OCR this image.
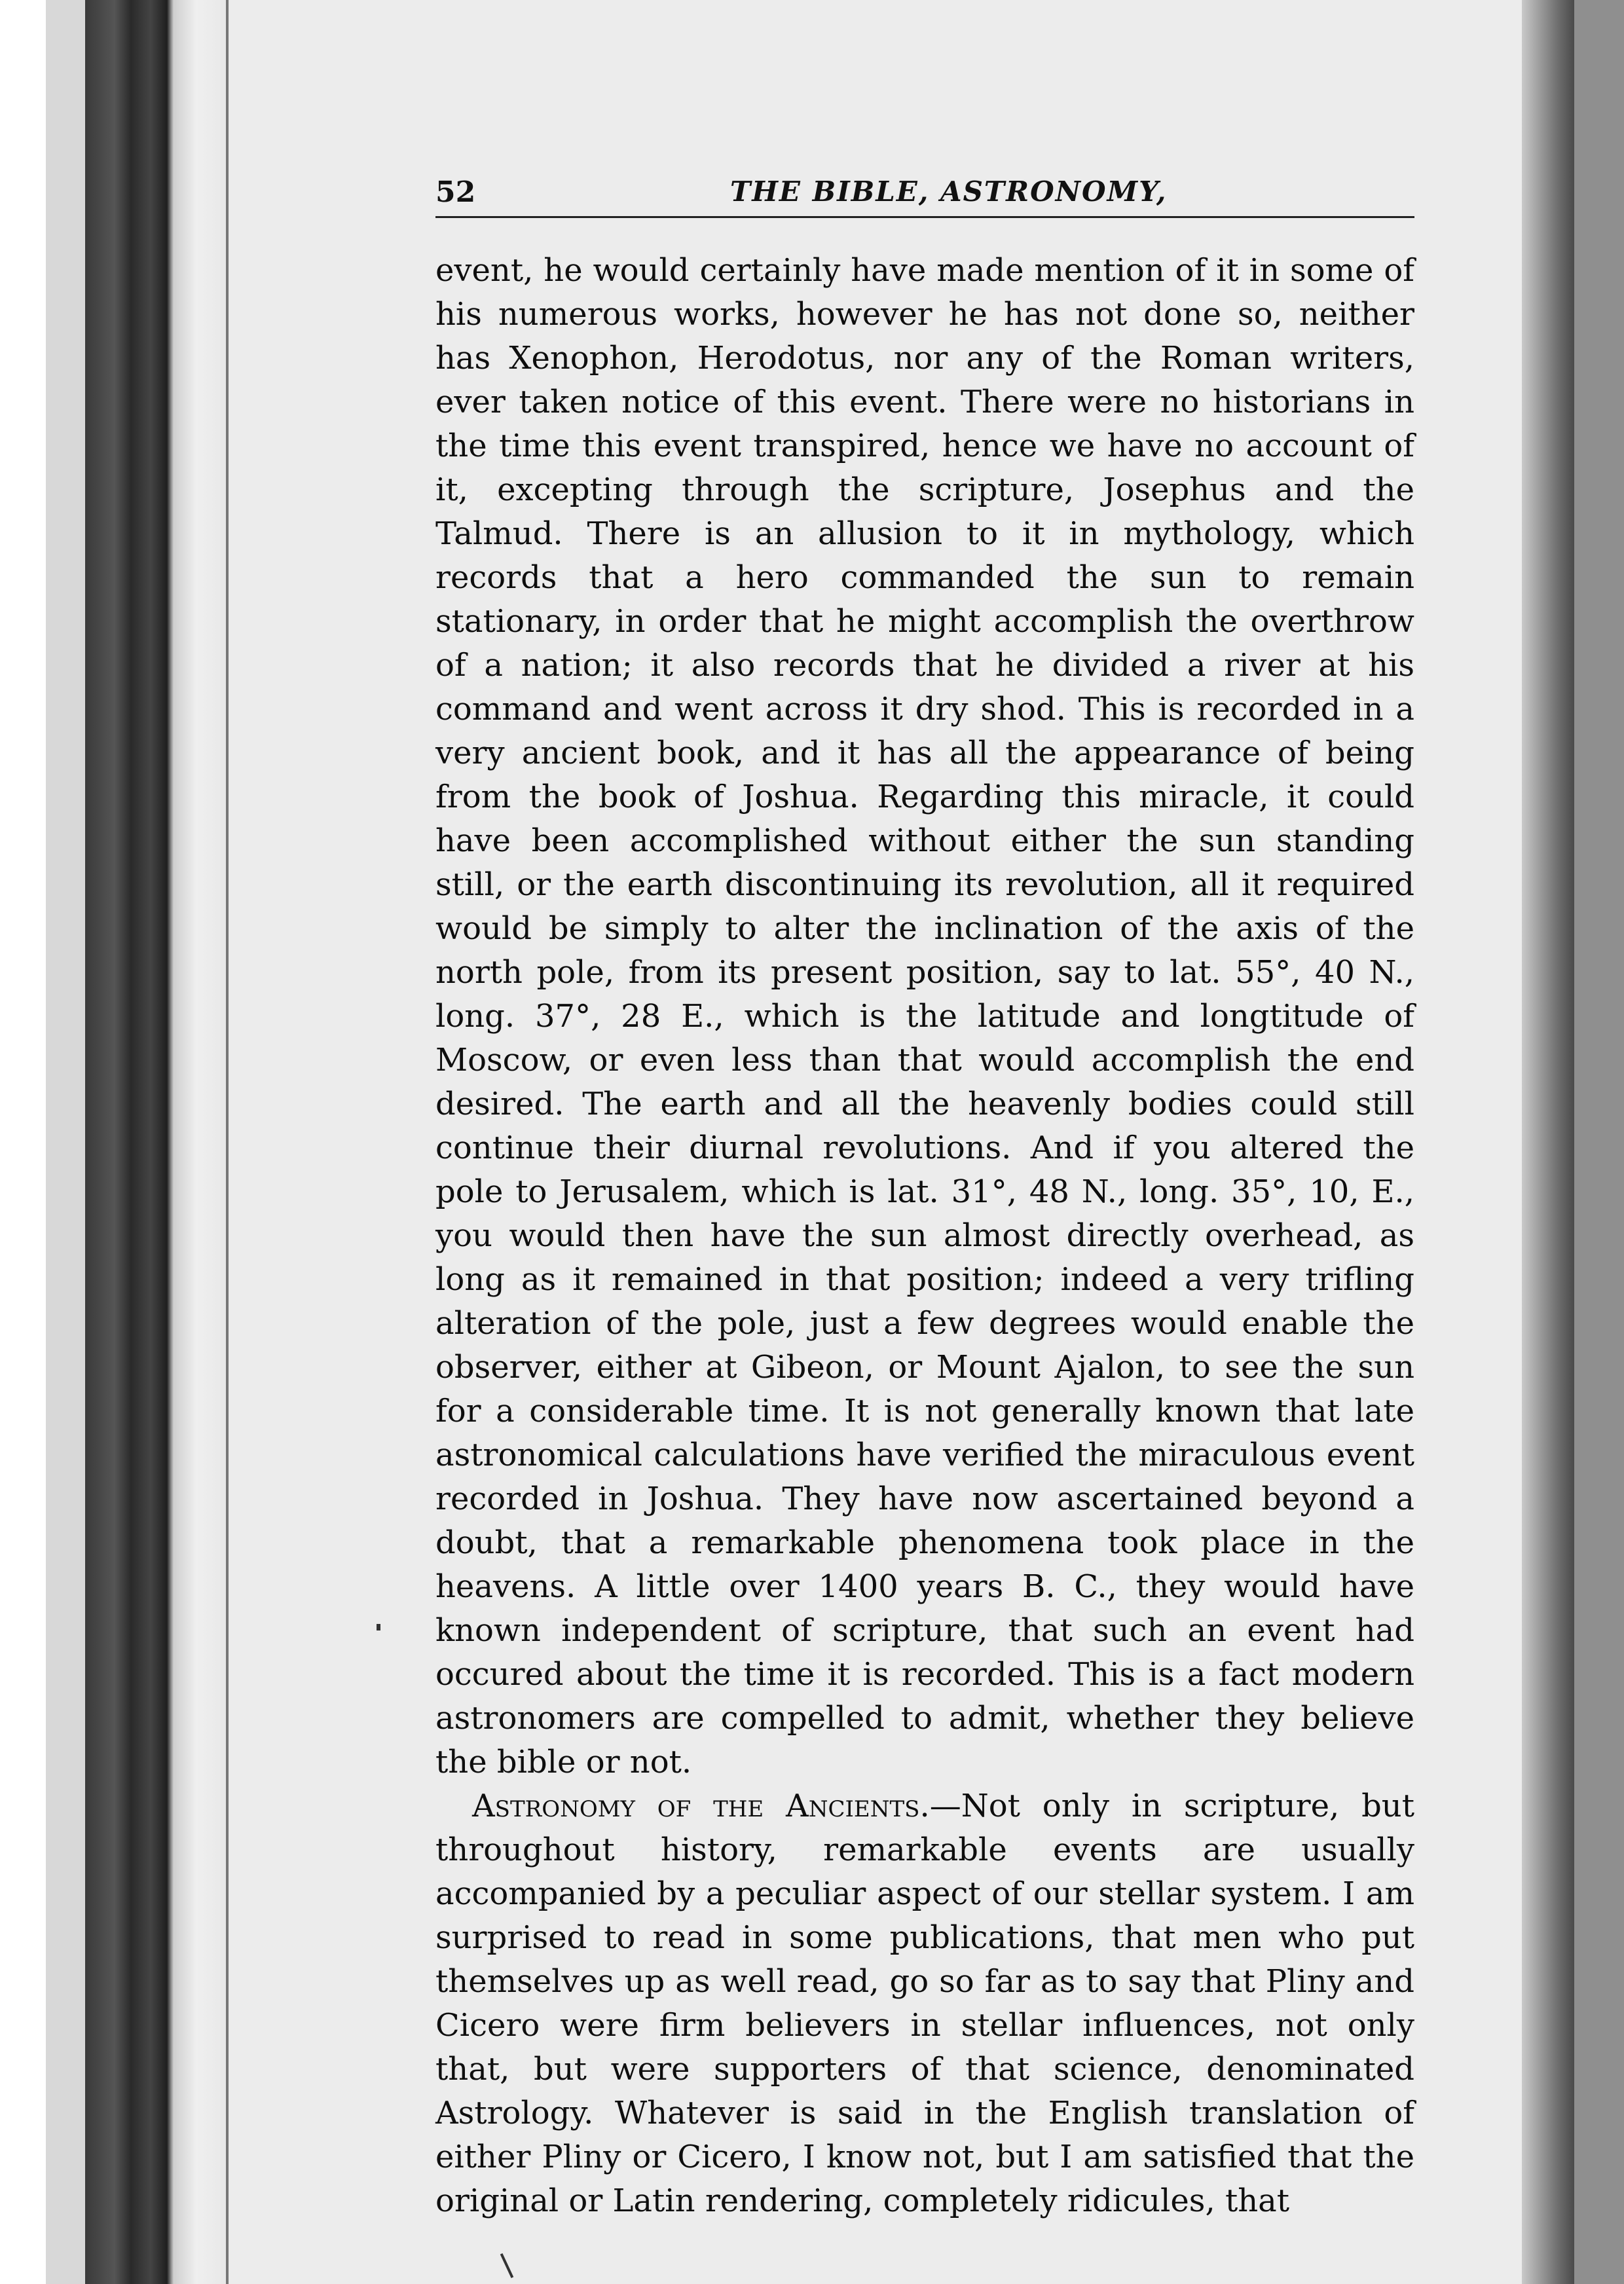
52	THE BIBLE, ASTRONOMY,

event, he would certainly have made mention of it in some of his numerous works, however he has not done so, neither has Xenophon, Herodotus, nor any of the Roman writers, ever taken notice of this event. There were no historians in the time this event transpired, hence we have no account of it, excepting through the scripture, Josephus and the Talmud. There is an allusion to it in mythology, which records that a hero commanded the sun to remain stationary, in order that he might accomplish the overthrow of a nation; it also records that he divided a river at his command and went across it dry shod. This is recorded in a very ancient book, and it has all the appearance of being from the book of Joshua. Regarding this miracle, it could have been accomplished without either the sun standing still, or the earth discontinuing its revolution, all it required would be simply to alter the inclination of the axis of the north pole, from its present position, say to lat. 55°, 40 N., long. 37°, 28 E., which is the latitude and longtitude of Moscow, or even less than that would accomplish the end desired. The earth and all the heavenly bodies could still continue their diurnal revolutions. And if you altered the pole to Jerusalem, which is lat. 31°, 48 N., long. 35°, 10, E., you would then have the sun almost directly overhead, as long as it remained in that position; indeed a very trifling alteration of the pole, just a few degrees would enable the observer, either at Gibeon, or Mount Ajalon, to see the sun for a considerable time. It is not generally known that late astronomical calculations have verified the miraculous event recorded in Joshua. They have now ascertained beyond a doubt, that a remarkable phenomena took place in the heavens. A little over 1400 years B. C., they would have known independent of scripture, that such an event had occured about the time it is recorded. This is a fact modern astronomers are compelled to admit, whether they believe the bible or not.

Astronomy of the Ancients.—Not only in scripture, but throughout history, remarkable events are usually accompanied by a peculiar aspect of our stellar system. I am surprised to read in some publications, that men who put themselves up as well read, go so far as to say that Pliny and Cicero were firm believers in stellar influences, not only that, but were supporters of that science, denominated Astrology. Whatever is said in the English translation of either Pliny or Cicero, I know not, but I am satisfied that the original or Latin rendering, completely ridicules, that
